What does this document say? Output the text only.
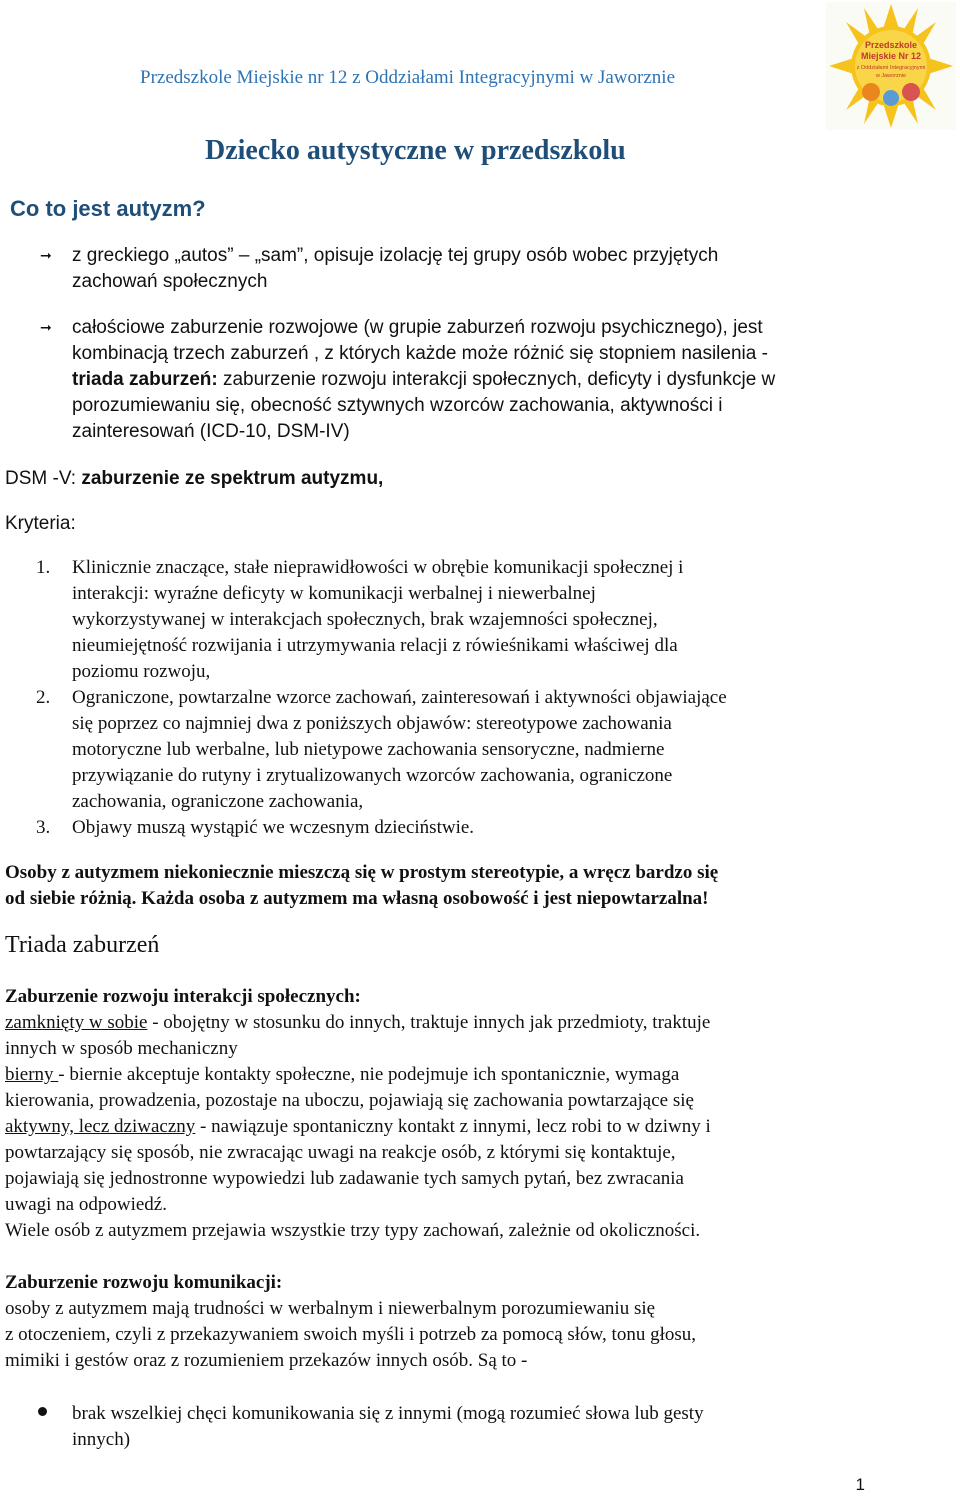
Przedszkole Miejskie nr 12 z Oddziałami Integracyjnymi w Jaworznie
Przedszkole
Miejskie Nr 12
z Oddziałami Integracyjnymi
w Jaworznie
Dziecko autystyczne w przedszkolu
Co to jest autyzm?
➞ z greckiego „autos” – „sam”, opisuje izolację tej grupy osób wobec przyjętych
zachowań społecznych
➞ całościowe zaburzenie rozwojowe (w grupie zaburzeń rozwoju psychicznego), jest
kombinacją trzech zaburzeń , z których każde może różnić się stopniem nasilenia -
triada zaburzeń: zaburzenie rozwoju interakcji społecznych, deficyty i dysfunkcje w
porozumiewaniu się, obecność sztywnych wzorców zachowania, aktywności i
zainteresowań (ICD-10, DSM-IV)
DSM -V: zaburzenie ze spektrum autyzmu,
Kryteria:
1. Klinicznie znaczące, stałe nieprawidłowości w obrębie komunikacji społecznej i
interakcji: wyraźne deficyty w komunikacji werbalnej i niewerbalnej
wykorzystywanej w interakcjach społecznych, brak wzajemności społecznej,
nieumiejętność rozwijania i utrzymywania relacji z rówieśnikami właściwej dla
poziomu rozwoju,
2. Ograniczone, powtarzalne wzorce zachowań, zainteresowań i aktywności objawiające
się poprzez co najmniej dwa z poniższych objawów: stereotypowe zachowania
motoryczne lub werbalne, lub nietypowe zachowania sensoryczne, nadmierne
przywiązanie do rutyny i zrytualizowanych wzorców zachowania, ograniczone
zachowania, ograniczone zachowania,
3. Objawy muszą wystąpić we wczesnym dzieciństwie.
Osoby z autyzmem niekoniecznie mieszczą się w prostym stereotypie, a wręcz bardzo się
od siebie różnią. Każda osoba z autyzmem ma własną osobowość i jest niepowtarzalna!
Triada zaburzeń
Zaburzenie rozwoju interakcji społecznych:
zamknięty w sobie - obojętny w stosunku do innych, traktuje innych jak przedmioty, traktuje
innych w sposób mechaniczny
bierny - biernie akceptuje kontakty społeczne, nie podejmuje ich spontanicznie, wymaga
kierowania, prowadzenia, pozostaje na uboczu, pojawiają się zachowania powtarzające się
aktywny, lecz dziwaczny - nawiązuje spontaniczny kontakt z innymi, lecz robi to w dziwny i
powtarzający się sposób, nie zwracając uwagi na reakcje osób, z którymi się kontaktuje,
pojawiają się jednostronne wypowiedzi lub zadawanie tych samych pytań, bez zwracania
uwagi na odpowiedź.
Wiele osób z autyzmem przejawia wszystkie trzy typy zachowań, zależnie od okoliczności.
Zaburzenie rozwoju komunikacji:
osoby z autyzmem mają trudności w werbalnym i niewerbalnym porozumiewaniu się
z otoczeniem, czyli z przekazywaniem swoich myśli i potrzeb za pomocą słów, tonu głosu,
mimiki i gestów oraz z rozumieniem przekazów innych osób. Są to -
brak wszelkiej chęci komunikowania się z innymi (mogą rozumieć słowa lub gesty
innych)
1
